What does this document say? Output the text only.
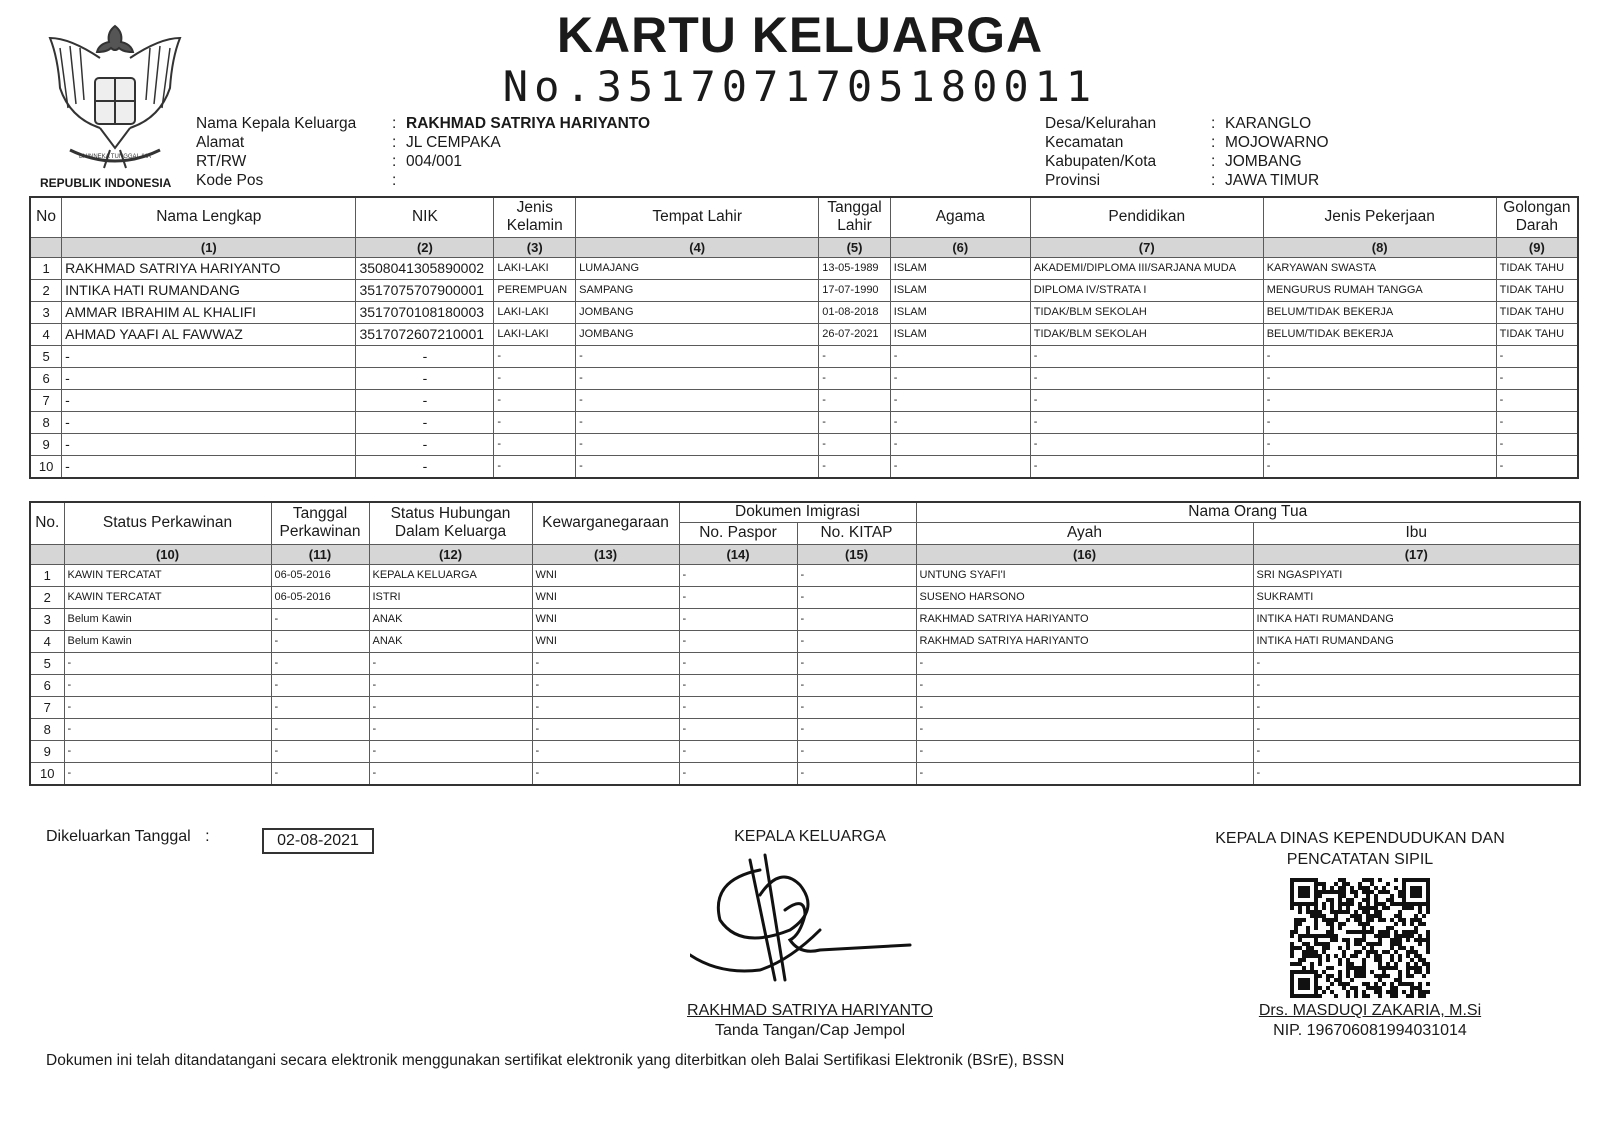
KARTU KELUARGA
No.3517071705180011
BHINNEKA TUNGGAL IKA
REPUBLIK INDONESIA
Nama Kepala Keluarga	: RAKHMAD SATRIYA HARIYANTO
Alamat	: JL CEMPAKA
RT/RW	: 004/001
Kode Pos	:
Desa/Kelurahan	: KARANGLO
Kecamatan	: MOJOWARNO
Kabupaten/Kota	: JOMBANG
Provinsi	: JAWA TIMUR
No	Nama Lengkap	NIK	Jenis Kelamin	Tempat Lahir	Tanggal Lahir	Agama	Pendidikan	Jenis Pekerjaan	Golongan Darah
	(1)	(2)	(3)	(4)	(5)	(6)	(7)	(8)	(9)
1	RAKHMAD SATRIYA HARIYANTO	3508041305890002	LAKI-LAKI	LUMAJANG	13-05-1989	ISLAM	AKADEMI/DIPLOMA III/SARJANA MUDA	KARYAWAN SWASTA	TIDAK TAHU
2	INTIKA HATI RUMANDANG	3517075707900001	PEREMPUAN	SAMPANG	17-07-1990	ISLAM	DIPLOMA IV/STRATA I	MENGURUS RUMAH TANGGA	TIDAK TAHU
3	AMMAR IBRAHIM AL KHALIFI	3517070108180003	LAKI-LAKI	JOMBANG	01-08-2018	ISLAM	TIDAK/BLM SEKOLAH	BELUM/TIDAK BEKERJA	TIDAK TAHU
4	AHMAD YAAFI AL FAWWAZ	3517072607210001	LAKI-LAKI	JOMBANG	26-07-2021	ISLAM	TIDAK/BLM SEKOLAH	BELUM/TIDAK BEKERJA	TIDAK TAHU
5	-	-	-	-	-	-	-	-	-
6	-	-	-	-	-	-	-	-	-
7	-	-	-	-	-	-	-	-	-
8	-	-	-	-	-	-	-	-	-
9	-	-	-	-	-	-	-	-	-
10	-	-	-	-	-	-	-	-	-
No.	Status Perkawinan	Tanggal Perkawinan	Status Hubungan Dalam Keluarga	Kewarganegaraan	Dokumen Imigrasi		Nama Orang Tua	
					No. Paspor	No. KITAP	Ayah	Ibu
	(10)	(11)	(12)	(13)	(14)	(15)	(16)	(17)
1	KAWIN TERCATAT	06-05-2016	KEPALA KELUARGA	WNI	-	-	UNTUNG SYAFI'I	SRI NGASPIYATI
2	KAWIN TERCATAT	06-05-2016	ISTRI	WNI	-	-	SUSENO HARSONO	SUKRAMTI
3	Belum Kawin	-	ANAK	WNI	-	-	RAKHMAD SATRIYA HARIYANTO	INTIKA HATI RUMANDANG
4	Belum Kawin	-	ANAK	WNI	-	-	RAKHMAD SATRIYA HARIYANTO	INTIKA HATI RUMANDANG
5	-	-	-	-	-	-	-	-
6	-	-	-	-	-	-	-	-
7	-	-	-	-	-	-	-	-
8	-	-	-	-	-	-	-	-
9	-	-	-	-	-	-	-	-
10	-	-	-	-	-	-	-	-
Dikeluarkan Tanggal :	02-08-2021	KEPALA KELUARGA
RAKHMAD SATRIYA HARIYANTO
Tanda Tangan/Cap Jempol
KEPALA DINAS KEPENDUDUKAN DAN
PENCATATAN SIPIL
Drs. MASDUQI ZAKARIA, M.Si
NIP. 196706081994031014
Dokumen ini telah ditandatangani secara elektronik menggunakan sertifikat elektronik yang diterbitkan oleh Balai Sertifikasi Elektronik (BSrE), BSSN
